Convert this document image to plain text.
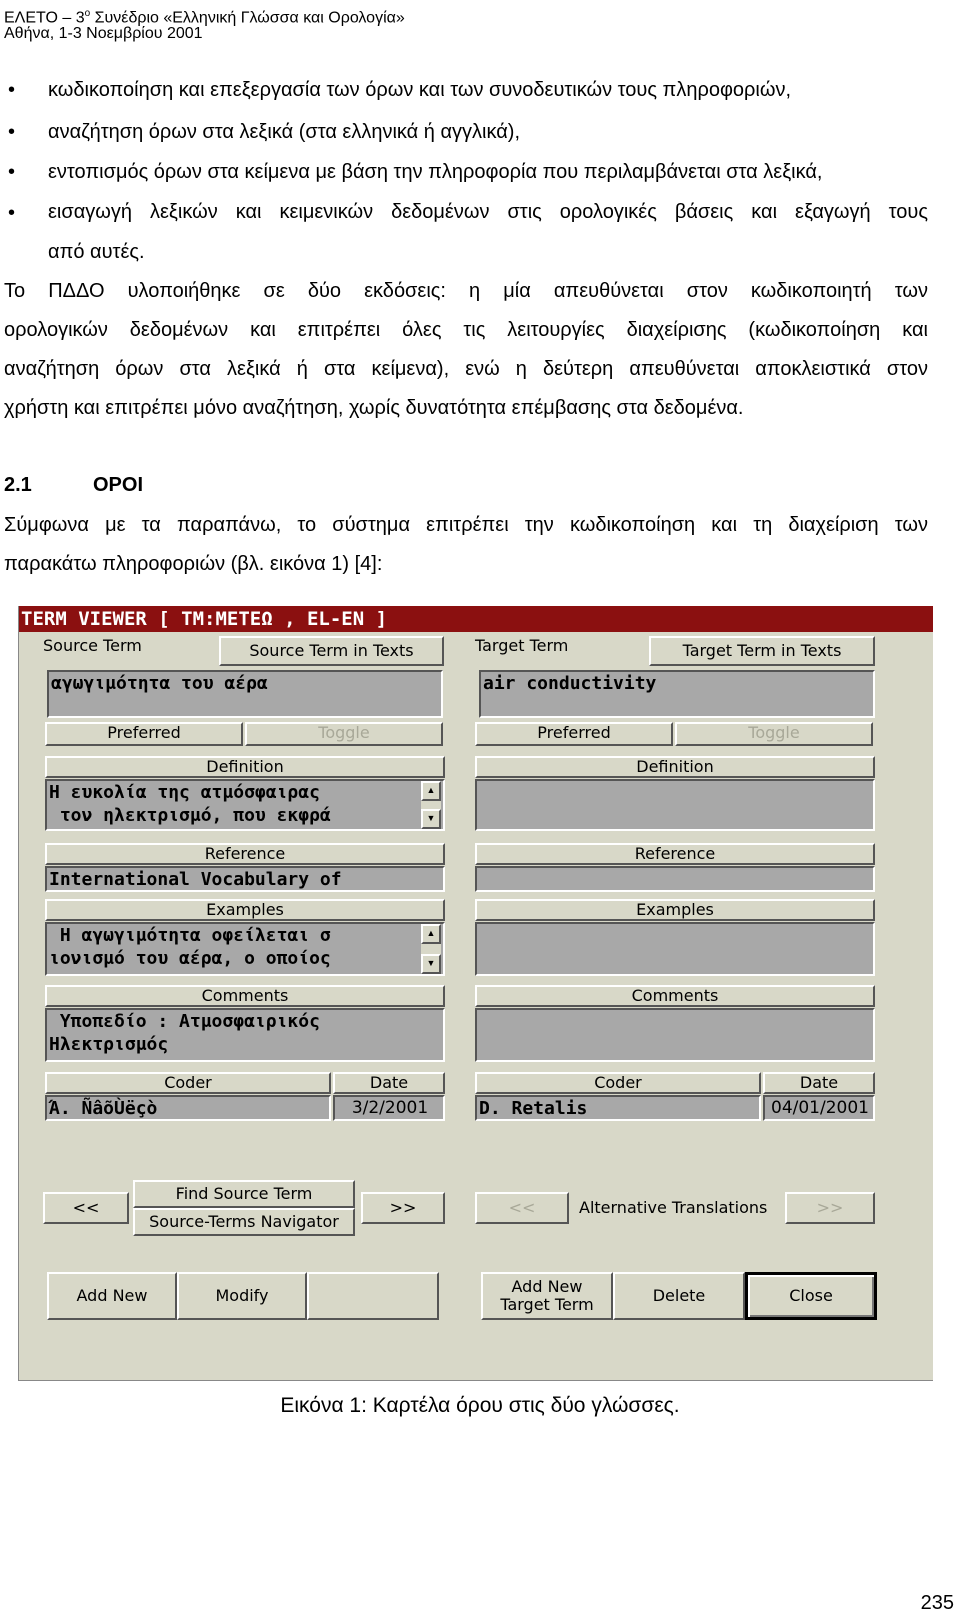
ΕΛΕΤΟ – $3^o$ Συνέδριο «Ελληνική Γλώσσα και Ορολογία»
Αθήνα, 1-3 Νοεμβρίου 2001
• κωδικοποίηση και επεξεργασία των όρων και των συνοδευτικών τους πληροφοριών,
• αναζήτηση όρων στα λεξικά (στα ελληνικά ή αγγλικά),
• εντοπισμός όρων στα κείμενα με βάση την πληροφορία που περιλαμβάνεται στα λεξικά,
• εισαγωγή λεξικών και κειμενικών δεδομένων στις ορολογικές βάσεις και εξαγωγή τους
από αυτές.
Το ΠΔΔΟ υλοποιήθηκε σε δύο εκδόσεις: η μία απευθύνεται στον κωδικοποιητή των
ορολογικών δεδομένων και επιτρέπει όλες τις λειτουργίες διαχείρισης (κωδικοποίηση και
αναζήτηση όρων στα λεξικά ή στα κείμενα), ενώ η δεύτερη απευθύνεται αποκλειστικά στον
χρήστη και επιτρέπει μόνο αναζήτηση, χωρίς δυνατότητα επέμβασης στα δεδομένα.
2.1	ΟΡΟΙ
Σύμφωνα με τα παραπάνω, το σύστημα επιτρέπει την κωδικοποίηση και τη διαχείριση των
παρακάτω πληροφοριών (βλ. εικόνα 1) [4]:
TERM VIEWER [ TM:ΜΕΤΕΩ , EL-EN ]
Source Term	Source Term in Texts
αγωγιμότητα του αέρα
Preferred	Toggle
Definition
Η ευκολία της ατμόσφαιρας
τον ηλεκτρισμό, που εκφρά
▲
▼
Reference
International Vocabulary of
Examples
Η αγωγιμότητα οφείλεται σ
ιονισμό του αέρα, ο οποίος
▲
▼
Comments
Υποπεδίο : Ατμοσφαιρικός
Ηλεκτρισμός
Coder	Date
Ά. ÑâõÙëçò	3/2/2001
Target Term	Target Term in Texts
air conductivity
Preferred	Toggle
Definition
Reference
Examples
Comments
Coder	Date
D. Retalis	04/01/2001
<<
Find Source Term
Source-Terms Navigator
>>	<<	Alternative Translations	>>
Add New	Modify	Add New
Target Term	Delete	Close
Εικόνα 1: Καρτέλα όρου στις δύο γλώσσες.
235
